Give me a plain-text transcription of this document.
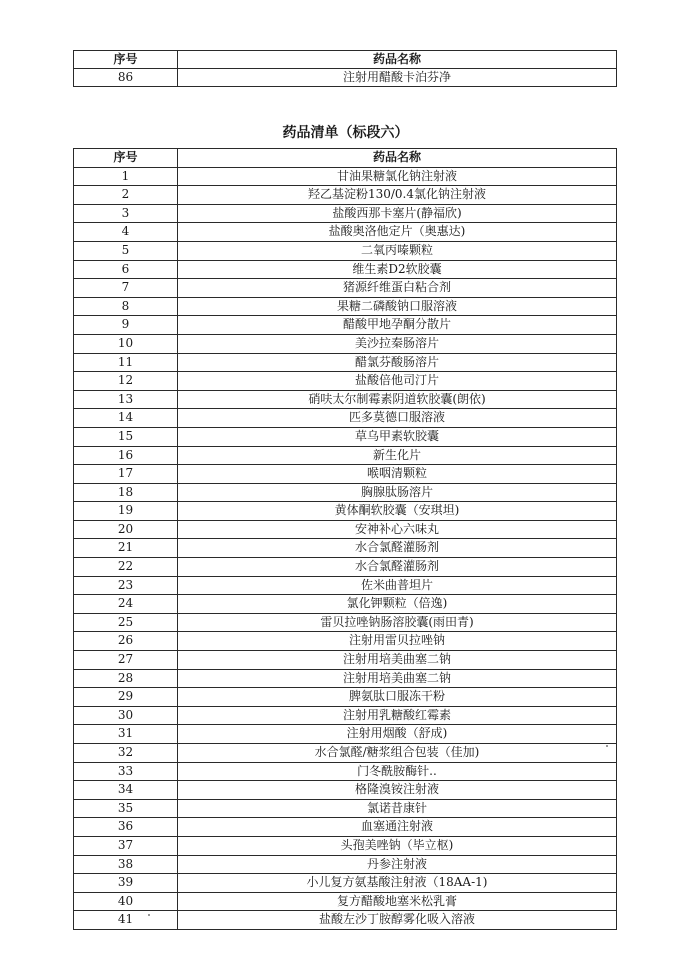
序号	药品名称
86	注射用醋酸卡泊芬净
药品清单（标段六）
序号	药品名称
1	甘油果糖氯化钠注射液
2	羟乙基淀粉130/0.4氯化钠注射液
3	盐酸西那卡塞片(静福欣)
4	盐酸奥洛他定片（奥惠达)
5	二氧丙嗪颗粒
6	维生素D2软胶囊
7	猪源纤维蛋白粘合剂
8	果糖二磷酸钠口服溶液
9	醋酸甲地孕酮分散片
10	美沙拉秦肠溶片
11	醋氯芬酸肠溶片
12	盐酸倍他司汀片
13	硝呋太尔制霉素阴道软胶囊(朗依)
14	匹多莫德口服溶液
15	草乌甲素软胶囊
16	新生化片
17	喉咽清颗粒
18	胸腺肽肠溶片
19	黄体酮软胶囊（安琪坦)
20	安神补心六味丸
21	水合氯醛灌肠剂
22	水合氯醛灌肠剂
23	佐米曲普坦片
24	氯化钾颗粒（倍逸)
25	雷贝拉唑钠肠溶胶囊(雨田青)
26	注射用雷贝拉唑钠
27	注射用培美曲塞二钠
28	注射用培美曲塞二钠
29	脾氨肽口服冻干粉
30	注射用乳糖酸红霉素
31	注射用烟酸（舒成)
32	水合氯醛/糖浆组合包装（佳加)
33	门冬酰胺酶针..
34	格隆溴铵注射液
35	氯诺昔康针
36	血塞通注射液
37	头孢美唑钠（毕立枢)
38	丹参注射液
39	小儿复方氨基酸注射液（18AA-1)
40	复方醋酸地塞米松乳膏
41	盐酸左沙丁胺醇雾化吸入溶液
